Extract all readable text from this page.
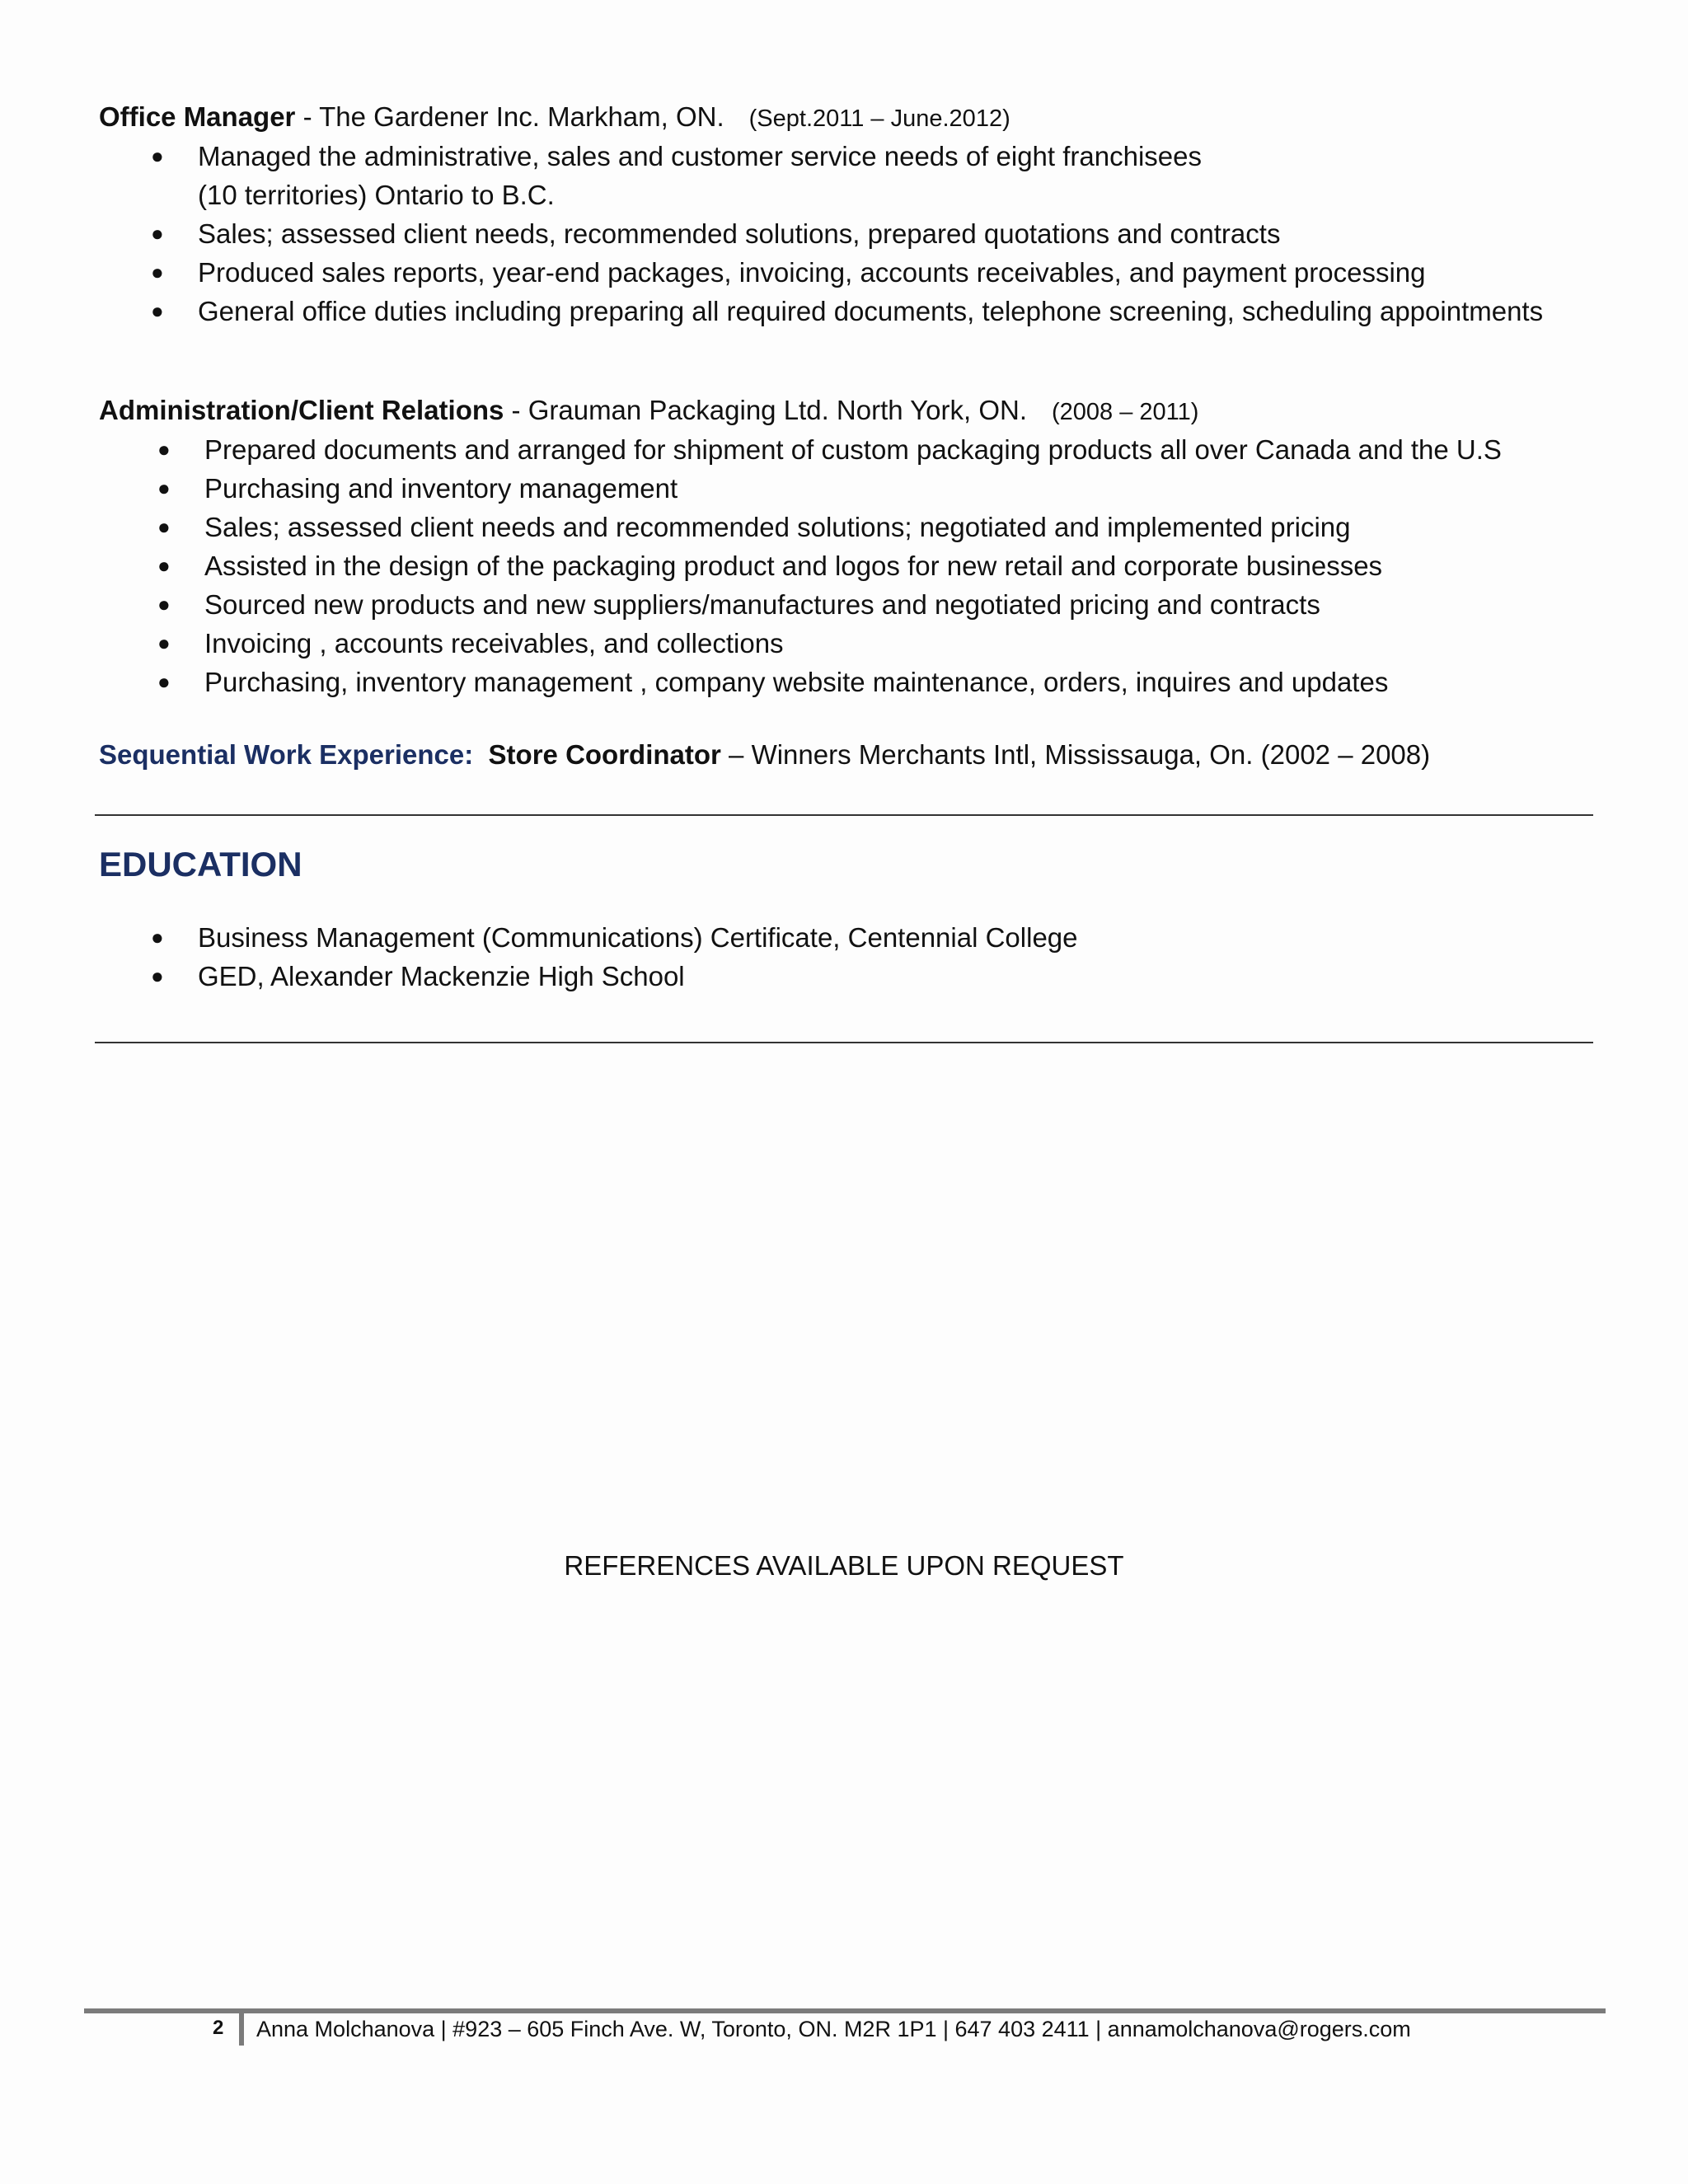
Office Manager - The Gardener Inc. Markham, ON. (Sept.2011 – June.2012)
● Managed the administrative, sales and customer service needs of eight franchisees
(10 territories) Ontario to B.C.
● Sales; assessed client needs, recommended solutions, prepared quotations and contracts
● Produced sales reports, year-end packages, invoicing, accounts receivables, and payment processing
● General office duties including preparing all required documents, telephone screening, scheduling appointments
Administration/Client Relations - Grauman Packaging Ltd. North York, ON. (2008 – 2011)
● Prepared documents and arranged for shipment of custom packaging products all over Canada and the U.S
● Purchasing and inventory management
● Sales; assessed client needs and recommended solutions; negotiated and implemented pricing
● Assisted in the design of the packaging product and logos for new retail and corporate businesses
● Sourced new products and new suppliers/manufactures and negotiated pricing and contracts
● Invoicing , accounts receivables, and collections
● Purchasing, inventory management , company website maintenance, orders, inquires and updates
Sequential Work Experience: Store Coordinator – Winners Merchants Intl, Mississauga, On. (2002 – 2008)
EDUCATION
● Business Management (Communications) Certificate, Centennial College
● GED, Alexander Mackenzie High School
REFERENCES AVAILABLE UPON REQUEST
2 Anna Molchanova | #923 – 605 Finch Ave. W, Toronto, ON. M2R 1P1 | 647 403 2411 | annamolchanova@rogers.com
